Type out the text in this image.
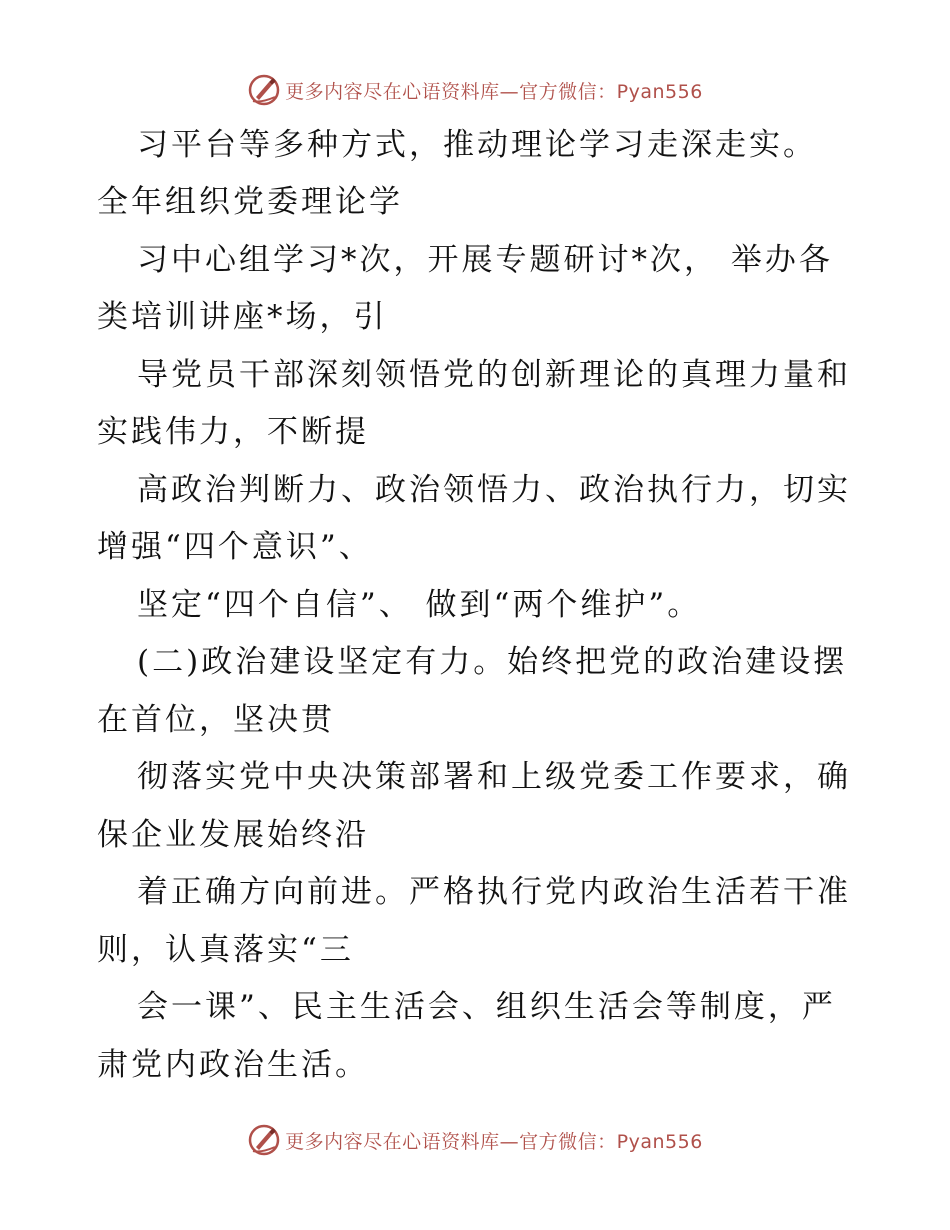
更多内容尽在心语资料库—官方微信：Pyan556
习平台等多种方式，推动理论学习走深走实。
全年组织党委理论学
习中心组学习*次，开展专题研讨*次， 举办各
类培训讲座*场，引
导党员干部深刻领悟党的创新理论的真理力量和
实践伟力，不断提
高政治判断力、政治领悟力、政治执行力，切实
增强“四个意识”、
坚定“四个自信”、 做到“两个维护”。
(二)政治建设坚定有力。始终把党的政治建设摆
在首位，坚决贯
彻落实党中央决策部署和上级党委工作要求，确
保企业发展始终沿
着正确方向前进。严格执行党内政治生活若干准
则，认真落实“三
会一课”、民主生活会、组织生活会等制度，严
肃党内政治生活。
更多内容尽在心语资料库—官方微信：Pyan556
